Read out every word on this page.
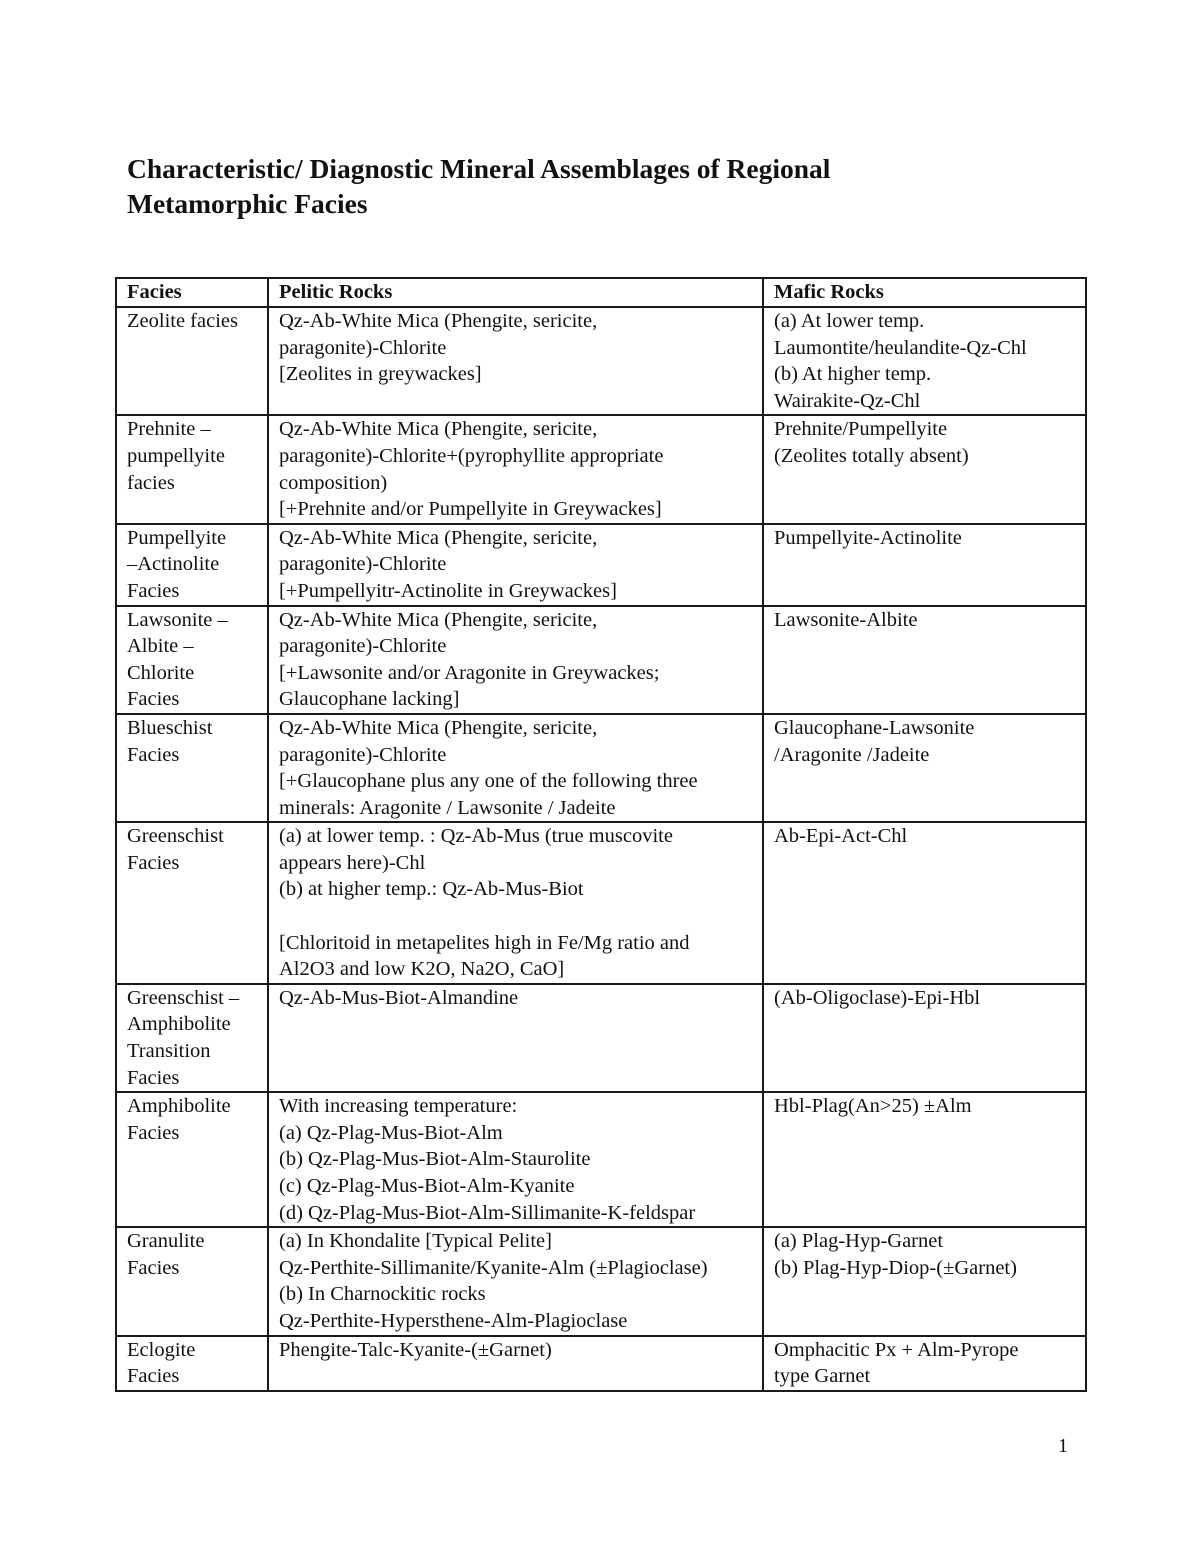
Characteristic/ Diagnostic Mineral Assemblages of Regional
Metamorphic Facies
Facies	Pelitic Rocks	Mafic Rocks

Zeolite facies	Qz-Ab-White Mica (Phengite, sericite,
paragonite)-Chlorite
[Zeolites in greywackes]	(a) At lower temp.
Laumontite/heulandite-Qz-Chl
(b) At higher temp.
Wairakite-Qz-Chl

Prehnite –
pumpellyite
facies	Qz-Ab-White Mica (Phengite, sericite,
paragonite)-Chlorite+(pyrophyllite appropriate
composition)
[+Prehnite and/or Pumpellyite in Greywackes]	Prehnite/Pumpellyite
(Zeolites totally absent)

Pumpellyite
–Actinolite
Facies	Qz-Ab-White Mica (Phengite, sericite,
paragonite)-Chlorite
[+Pumpellyitr-Actinolite in Greywackes]	Pumpellyite-Actinolite

Lawsonite –
Albite –
Chlorite
Facies	Qz-Ab-White Mica (Phengite, sericite,
paragonite)-Chlorite
[+Lawsonite and/or Aragonite in Greywackes;
Glaucophane lacking]	Lawsonite-Albite

Blueschist
Facies	Qz-Ab-White Mica (Phengite, sericite,
paragonite)-Chlorite
[+Glaucophane plus any one of the following three
minerals: Aragonite / Lawsonite / Jadeite	Glaucophane-Lawsonite
/Aragonite /Jadeite

Greenschist
Facies	(a) at lower temp. : Qz-Ab-Mus (true muscovite
appears here)-Chl
(b) at higher temp.: Qz-Ab-Mus-Biot
[Chloritoid in metapelites high in Fe/Mg ratio and
Al2O3 and low K2O, Na2O, CaO]	Ab-Epi-Act-Chl

Greenschist –
Amphibolite
Transition
Facies	Qz-Ab-Mus-Biot-Almandine	(Ab-Oligoclase)-Epi-Hbl

Amphibolite
Facies	With increasing temperature:
(a) Qz-Plag-Mus-Biot-Alm
(b) Qz-Plag-Mus-Biot-Alm-Staurolite
(c) Qz-Plag-Mus-Biot-Alm-Kyanite
(d) Qz-Plag-Mus-Biot-Alm-Sillimanite-K-feldspar	Hbl-Plag(An>25) ±Alm

Granulite
Facies	(a) In Khondalite [Typical Pelite]
Qz-Perthite-Sillimanite/Kyanite-Alm (±Plagioclase)
(b) In Charnockitic rocks
Qz-Perthite-Hypersthene-Alm-Plagioclase	(a) Plag-Hyp-Garnet
(b) Plag-Hyp-Diop-(±Garnet)

Eclogite
Facies	Phengite-Talc-Kyanite-(±Garnet)	Omphacitic Px + Alm-Pyrope
type Garnet
1
